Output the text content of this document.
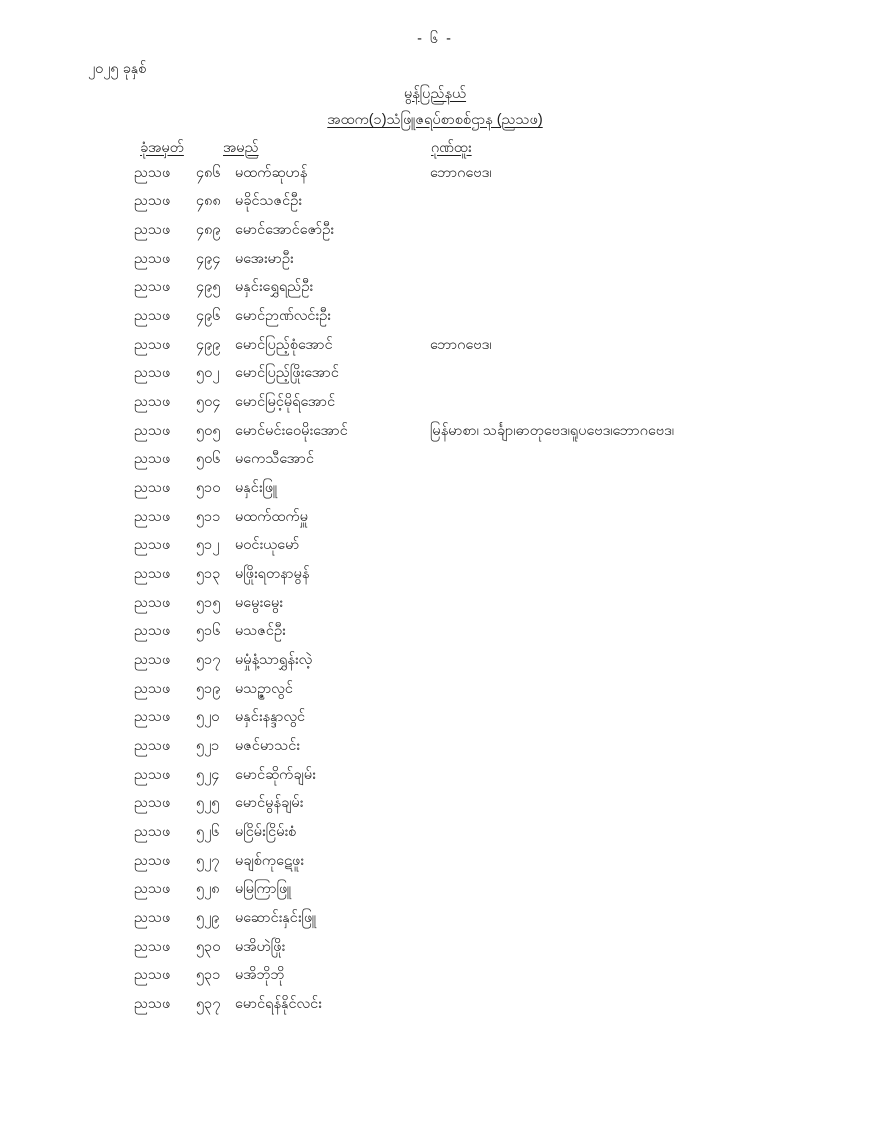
- ၆ -
၂၀၂၅ ခုနှစ်
မွန်ပြည်နယ်
အထက(၁)သံဖြူဇရပ်စာစစ်ဌာန (ညသဖ)
ခုံအမှတ်	အမည်	ဂုဏ်ထူး
ညသဖ	၄၈၆ မထက်ဆုဟန်	ဘောဂဗေဒ၊
ညသဖ	၄၈၈ မခိုင်သဇင်ဦး
ညသဖ	၄၈၉ မောင်အောင်ဇော်ဦး
ညသဖ	၄၉၄	မအေးမာဦး
ညသဖ	၄၉၅	မနှင်းရွှေရည်ဦး
ညသဖ	၄၉၆	မောင်ဉာဏ်လင်းဦး
ညသဖ	၄၉၉	မောင်ပြည့်စုံအောင်	ဘောဂဗေဒ၊
ညသဖ	၅၀၂	မောင်ပြည့်ဖြိုးအောင်
ညသဖ	၅၀၄	မောင်မြင့်မိုရ်အောင်
ညသဖ	၅၀၅	မောင်မင်းဝေမိုးအောင်	မြန်မာစာ၊ သင်္ချာ၊ဓာတုဗေဒ၊ရူပဗေဒ၊ဘောဂဗေဒ၊
ညသဖ	၅၀၆	မကေသီအောင်
ညသဖ	၅၁၀	မနှင်းဖြူ
ညသဖ	၅၁၁	မထက်ထက်မှူ
ညသဖ	၅၁၂	မဝင်းယုမော်
ညသဖ	၅၁၃	မဖြိုးရတနာမွန်
ညသဖ	၅၁၅	မမွေးမွေး
ညသဖ	၅၁၆	မသဇင်ဦး
ညသဖ	၅၁၇	မမှုံနံ့သာရွှန်းလဲ့
ညသဖ	၅၁၉	မသဉ္ဇာလွင်
ညသဖ	၅၂၀	မနှင်းနန္ဒာလွင်
ညသဖ	၅၂၁	မဇင်မာသင်း
ညသဖ	၅၂၄	မောင်ဆိုက်ချမ်း
ညသဖ	၅၂၅	မောင်မွန်ချမ်း
ညသဖ	၅၂၆	မငြိမ်းငြိမ်းစံ
ညသဖ	၅၂၇	မချစ်ကုဋေဖူး
ညသဖ	၅၂၈	မမြကြာဖြူ
ညသဖ	၅၂၉	မဆောင်းနှင်းဖြူ
ညသဖ	၅၃၀	မအိဟဲဖြိုး
ညသဖ	၅၃၁	မအိဘိုဘို
ညသဖ	၅၃၇	မောင်ရန်နိုင်လင်း
